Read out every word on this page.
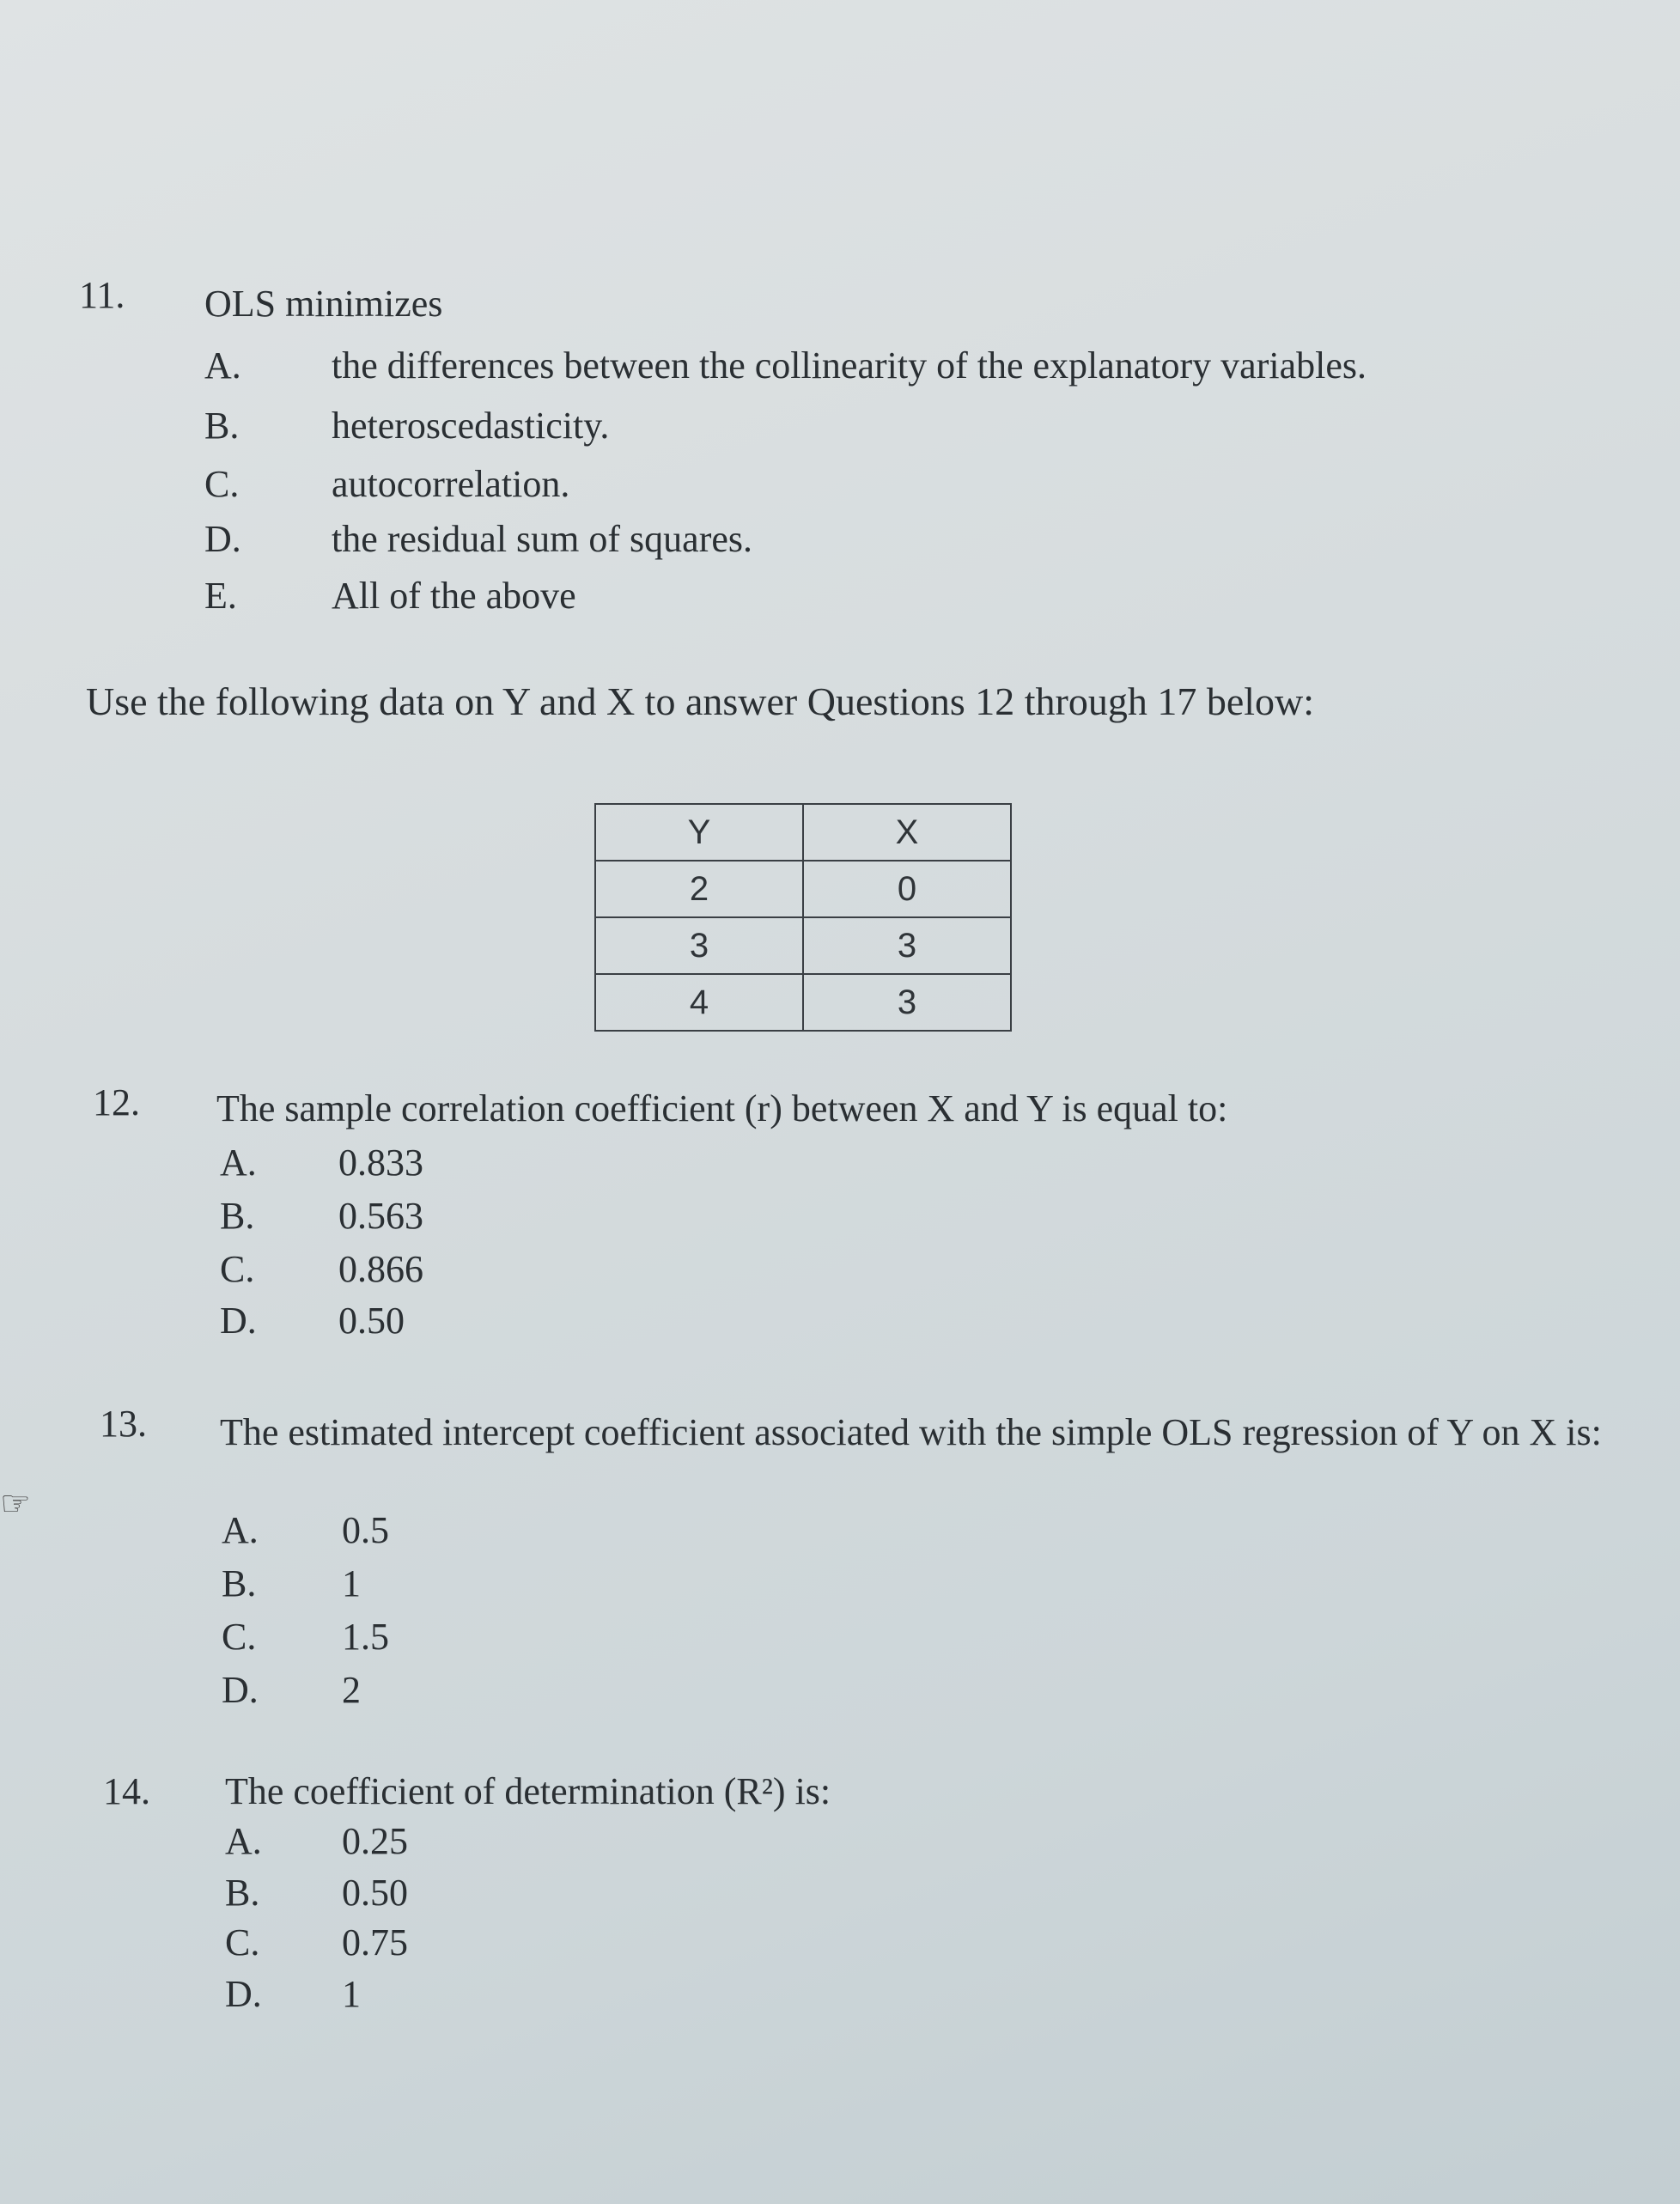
11. OLS minimizes
A. the differences between the collinearity of the explanatory variables.
B. heteroscedasticity.
C. autocorrelation.
D. the residual sum of squares.
E.	All of the above
Use the following data on Y and X to answer Questions 12 through 17 below:
Y	X
2	0
3	3
4	3
12. The sample correlation coefficient (r) between X and Y is equal to:
A. 0.833
B. 0.563
C. 0.866
D. 0.50
13. The estimated intercept coefficient associated with the simple OLS regression of Y on X is:
A. 0.5
B. 1
C. 1.5
D. 2
14. The coefficient of determination (R²) is:
A. 0.25
B. 0.50
C. 0.75
D. 1
☞
